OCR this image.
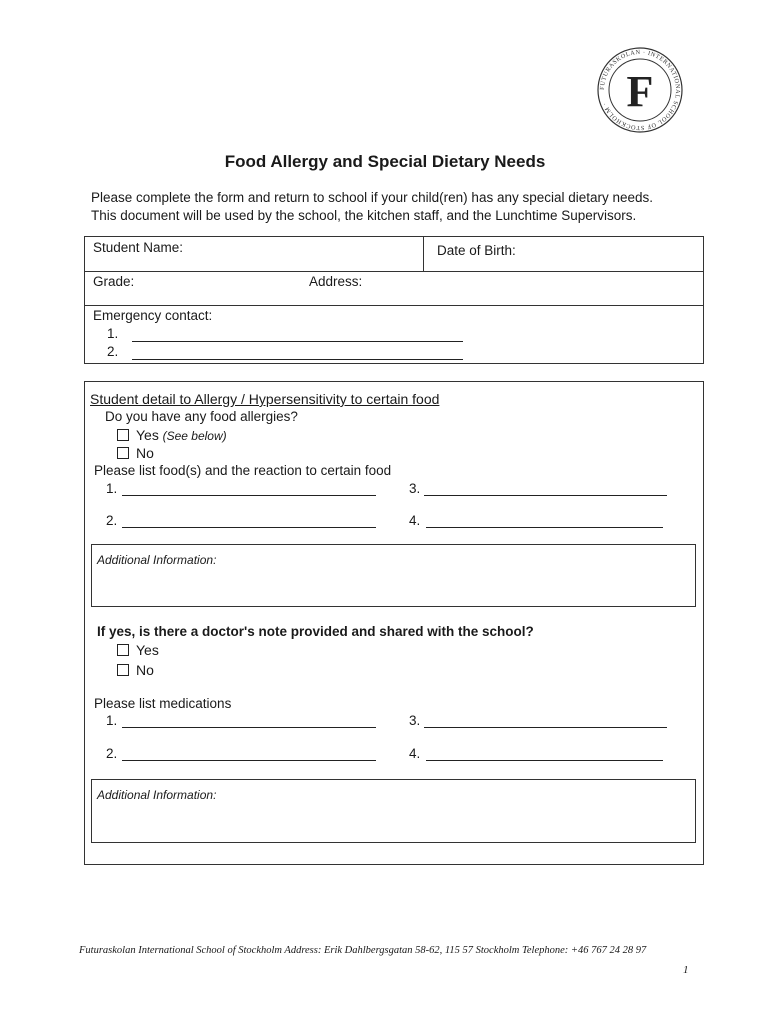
FUTURASKOLAN · INTERNATIONAL SCHOOL OF STOCKHOLM · F
Food Allergy and Special Dietary Needs
Please complete the form and return to school if your child(ren) has any special dietary needs.
This document will be used by the school, the kitchen staff, and the Lunchtime Supervisors.
Student Name:	Date of Birth:
Grade:	Address:
Emergency contact:
1.
2.
Student detail to Allergy / Hypersensitivity to certain food
Do you have any food allergies?
Yes (See below)
No
Please list food(s) and the reaction to certain food
1.	3.
2.	4.
Additional Information:
If yes, is there a doctor's note provided and shared with the school?
Yes
No
Please list medications
1.	3.
2.	4.
Additional Information:
Futuraskolan International School of Stockholm Address: Erik Dahlbergsgatan 58-62, 115 57 Stockholm Telephone: +46 767 24 28 97
1
